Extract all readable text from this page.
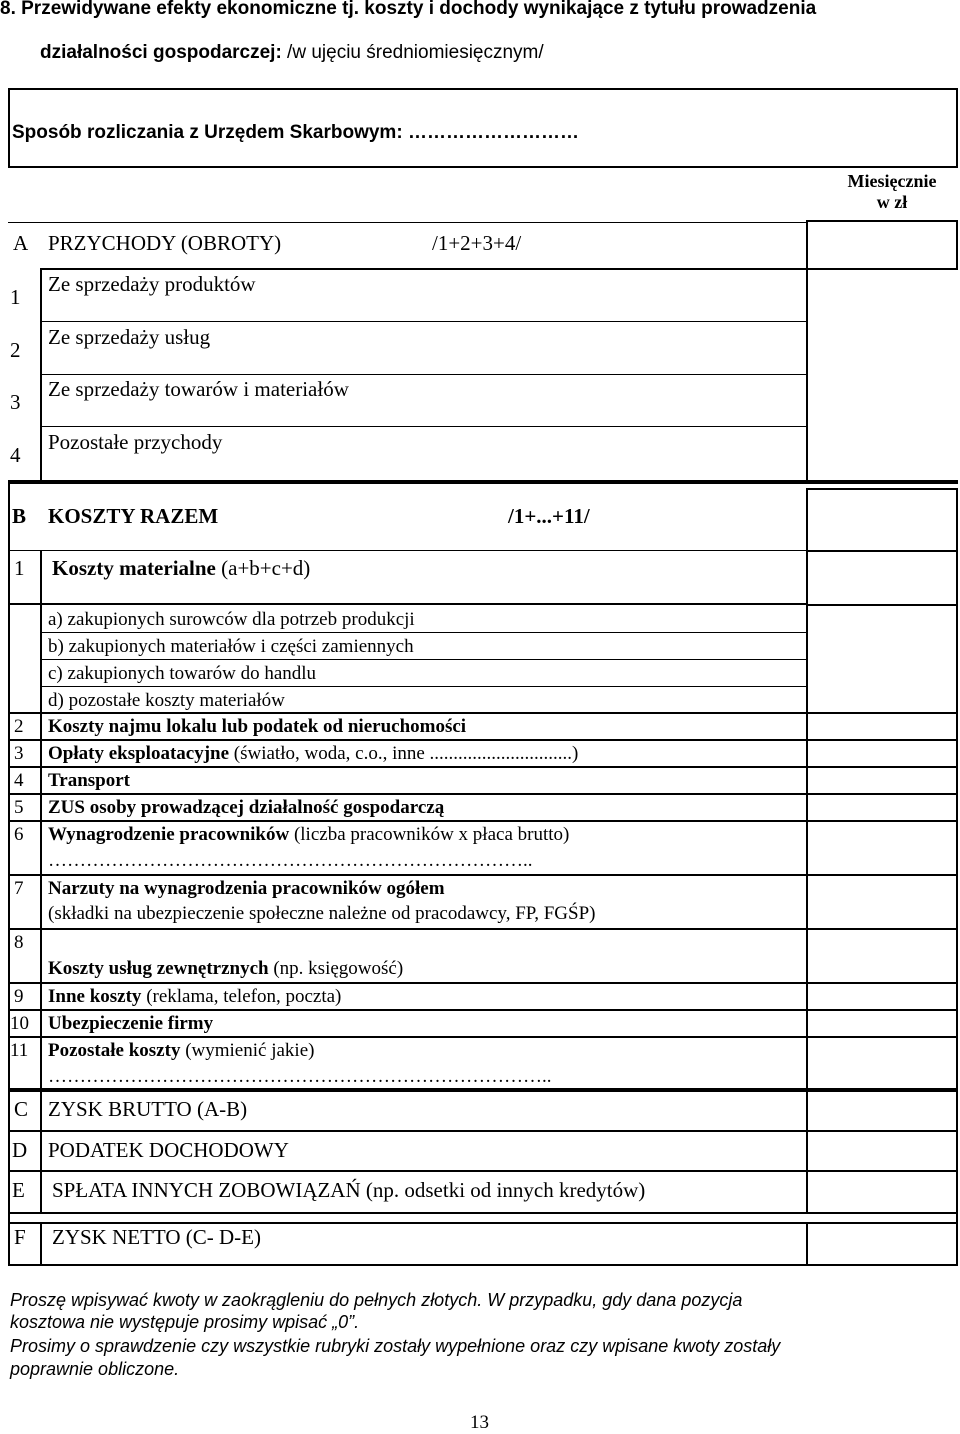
8. Przewidywane efekty ekonomiczne tj. koszty i dochody wynikające z tytułu prowadzenia
działalności gospodarczej: /w ujęciu średniomiesięcznym/
Sposób rozliczania z Urzędem Skarbowym: ………………………
Miesięcznie
w zł
A PRZYCHODY (OBROTY)	/1+2+3+4/
1
Ze sprzedaży produktów
2
Ze sprzedaży usług
3
Ze sprzedaży towarów i materiałów
4
Pozostałe przychody
B KOSZTY RAZEM	/1+...+11/
1 Koszty materialne (a+b+c+d)
a) zakupionych surowców dla potrzeb produkcji
b) zakupionych materiałów i części zamiennych
c) zakupionych towarów do handlu
d) pozostałe koszty materiałów
2 Koszty najmu lokalu lub podatek od nieruchomości
3 Opłaty eksploatacyjne (światło, woda, c.o., inne ..............................)
4 Transport
5 ZUS osoby prowadzącej działalność gospodarczą
6 Wynagrodzenie pracowników (liczba pracowników x płaca brutto)
…………………………………………………………………..
7 Narzuty na wynagrodzenia pracowników ogółem
(składki na ubezpieczenie społeczne należne od pracodawcy, FP, FGŚP)
8
Koszty usług zewnętrznych (np. księgowość)
9 Inne koszty (reklama, telefon, poczta)
10 Ubezpieczenie firmy
11 Pozostałe koszty (wymienić jakie)
……………………………………………………………………..
C ZYSK BRUTTO (A-B)
D PODATEK DOCHODOWY
E SPŁATA INNYCH ZOBOWIĄZAŃ (np. odsetki od innych kredytów)
F ZYSK NETTO (C- D-E)
Proszę wpisywać kwoty w zaokrągleniu do pełnych złotych. W przypadku, gdy dana pozycja
kosztowa nie występuje prosimy wpisać „0”.
Prosimy o sprawdzenie czy wszystkie rubryki zostały wypełnione oraz czy wpisane kwoty zostały
poprawnie obliczone.
13
